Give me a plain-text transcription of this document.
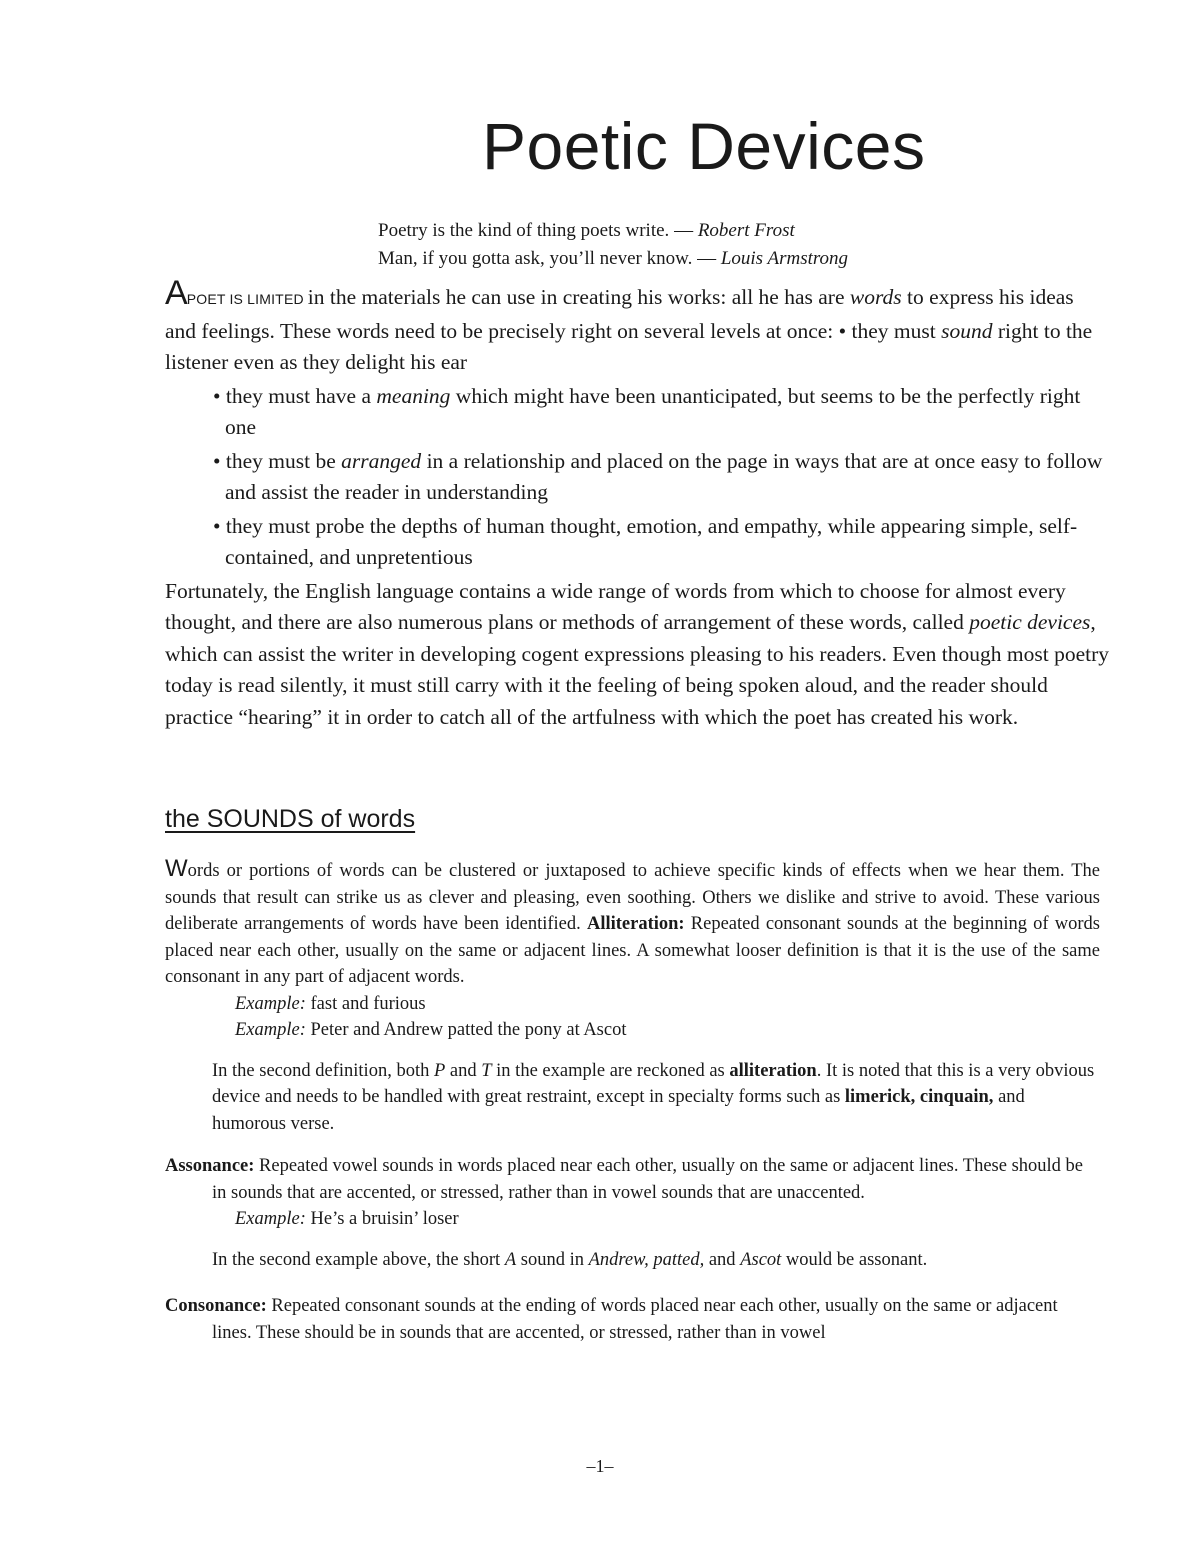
Poetic Devices
Poetry is the kind of thing poets write. — Robert Frost
Man, if you gotta ask, you’ll never know. — Louis Armstrong

APOET IS LIMITED in the materials he can use in creating his works: all he has are words to express his ideas and feelings. These words need to be precisely right on several levels at once: • they must sound right to the listener even as they delight his ear

• they must have a meaning which might have been unanticipated, but seems to be the perfectly right one
• they must be arranged in a relationship and placed on the page in ways that are at once easy to follow and assist the reader in understanding
• they must probe the depths of human thought, emotion, and empathy, while appearing simple, self-contained, and unpretentious

Fortunately, the English language contains a wide range of words from which to choose for almost every thought, and there are also numerous plans or methods of arrangement of these words, called poetic devices, which can assist the writer in developing cogent expressions pleasing to his readers. Even though most poetry today is read silently, it must still carry with it the feeling of being spoken aloud, and the reader should practice “hearing” it in order to catch all of the artfulness with which the poet has created his work.

the SOUNDS of words
Words or portions of words can be clustered or juxtaposed to achieve specific kinds of effects when we hear them. The sounds that result can strike us as clever and pleasing, even soothing. Others we dislike and strive to avoid. These various deliberate arrangements of words have been identified. Alliteration: Repeated consonant sounds at the beginning of words placed near each other, usually on the same or adjacent lines. A somewhat looser definition is that it is the use of the same consonant in any part of adjacent words.
Example: fast and furious
Example: Peter and Andrew patted the pony at Ascot
In the second definition, both P and T in the example are reckoned as alliteration. It is noted that this is a very obvious device and needs to be handled with great restraint, except in specialty forms such as limerick, cinquain, and humorous verse.
Assonance: Repeated vowel sounds in words placed near each other, usually on the same or adjacent lines. These should be in sounds that are accented, or stressed, rather than in vowel sounds that are unaccented.
Example: He’s a bruisin’ loser
In the second example above, the short A sound in Andrew, patted, and Ascot would be assonant.
Consonance: Repeated consonant sounds at the ending of words placed near each other, usually on the same or adjacent lines. These should be in sounds that are accented, or stressed, rather than in vowel
–1–
